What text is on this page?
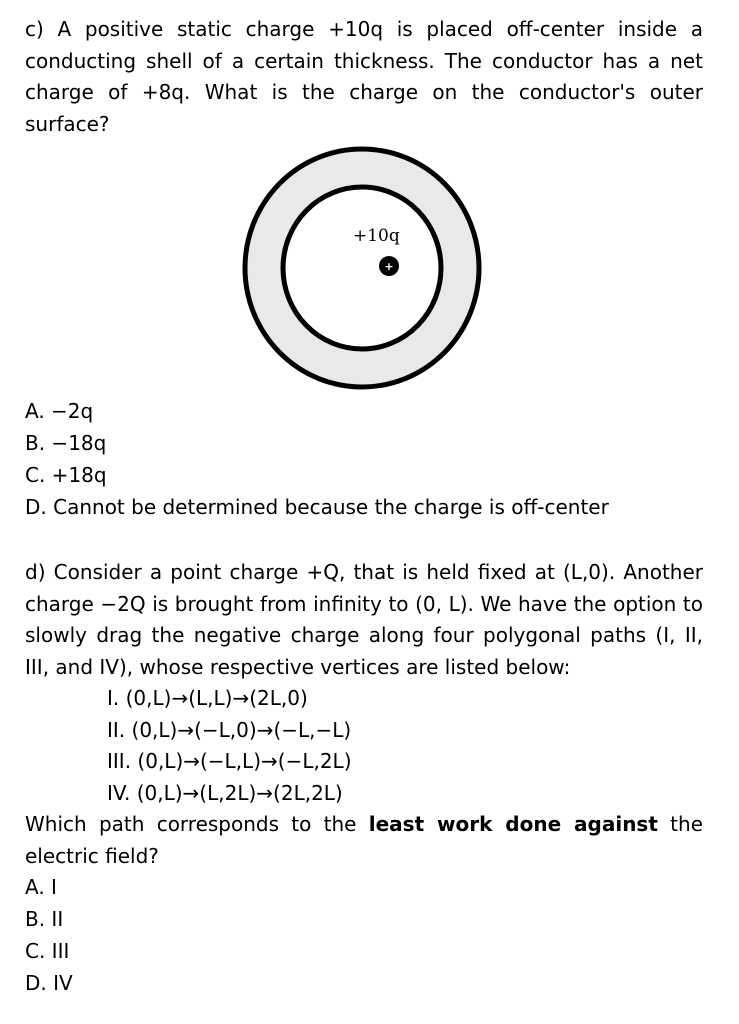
c) A positive static charge +10q is placed off-center inside a conducting shell of a certain thickness. The conductor has a net charge of +8q. What is the charge on the conductor's outer surface?

+10q
+

A. −2q

B. −18q

C. +18q

D. Cannot be determined because the charge is off-center

d) Consider a point charge +Q, that is held fixed at (L,0). Another charge −2Q is brought from infinity to (0, L). We have the option to slowly drag the negative charge along four polygonal paths (I, II, III, and IV), whose respective vertices are listed below:

I. (0,L)→(L,L)→(2L,0)

II. (0,L)→(−L,0)→(−L,−L)

III. (0,L)→(−L,L)→(−L,2L)

IV. (0,L)→(L,2L)→(2L,2L)

Which path corresponds to the least work done against the electric field?

A. I

B. II

C. III

D. IV
